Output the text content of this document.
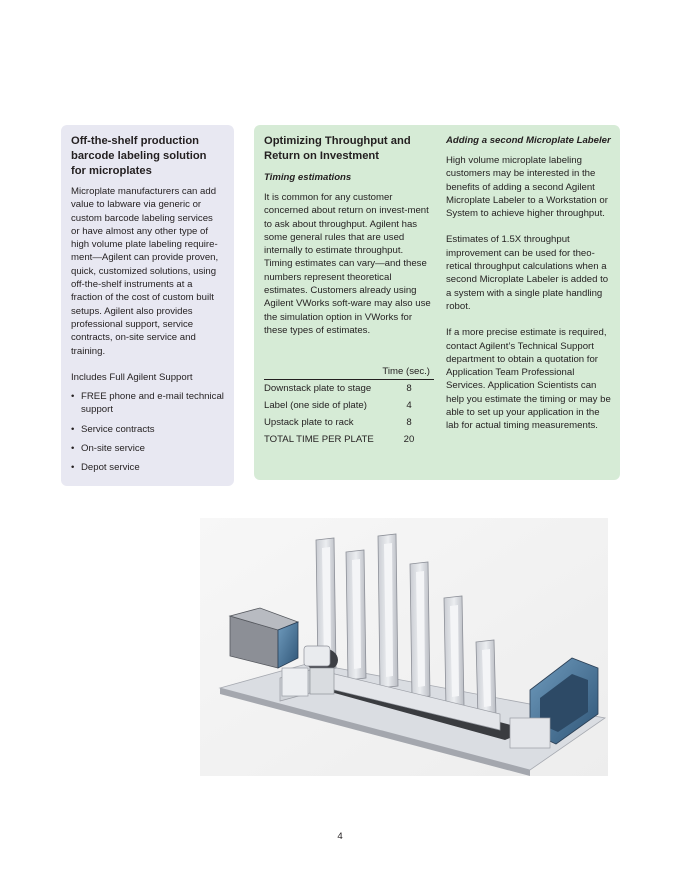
Off-the-shelf production barcode labeling solution for microplates

Microplate manufacturers can add value to labware via generic or custom barcode labeling services or have almost any other type of high volume plate labeling require-ment—Agilent can provide proven, quick, customized solutions, using off-the-shelf instruments at a fraction of the cost of custom built setups. Agilent also provides professional support, service contracts, on-site service and training.

Includes Full Agilent Support

• FREE phone and e-mail technical support
• Service contracts
• On-site service
• Depot service
Optimizing Throughput and Return on Investment
Timing estimations

It is common for any customer concerned about return on invest-ment to ask about throughput. Agilent has some general rules that are used internally to estimate throughput. Timing estimates can vary—and these numbers represent theoretical estimates. Customers already using Agilent VWorks soft-ware may also use the simulation option in VWorks for these types of estimates.

Time (sec.)
Downstack plate to stage	8
Label (one side of plate)	4
Upstack plate to rack	8
TOTAL TIME PER PLATE	20
Adding a second Microplate Labeler

High volume microplate labeling customers may be interested in the benefits of adding a second Agilent Microplate Labeler to a Workstation or System to achieve higher throughput.

Estimates of 1.5X throughput improvement can be used for theo-retical throughput calculations when a second Microplate Labeler is added to a system with a single plate handling robot.

If a more precise estimate is required, contact Agilent’s Technical Support department to obtain a quotation for Application Team Professional Services. Application Scientists can help you estimate the timing or may be able to set up your application in the lab for actual timing measurements.

4
